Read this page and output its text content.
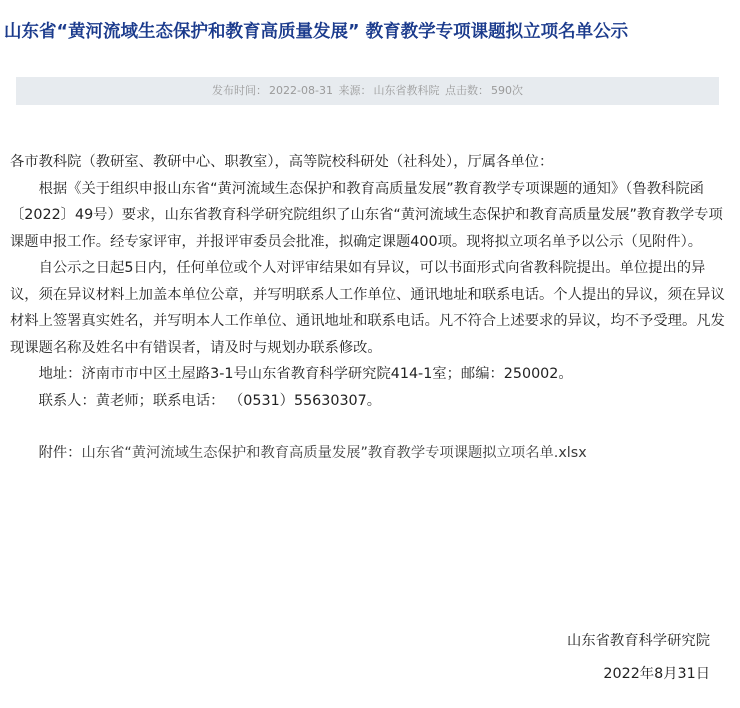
山东省“黄河流域生态保护和教育高质量发展” 教育教学专项课题拟立项名单公示
发布时间： 2022-08-31 来源： 山东省教科院 点击数： 590次

各市教科院（教研室、教研中心、职教室），高等院校科研处（社科处），厅属各单位：

根据《关于组织申报山东省“黄河流域生态保护和教育高质量发展”教育教学专项课题的通知》（鲁教科院函〔2022〕49号）要求，山东省教育科学研究院组织了山东省“黄河流域生态保护和教育高质量发展”教育教学专项课题申报工作。经专家评审，并报评审委员会批准，拟确定课题400项。现将拟立项名单予以公示（见附件）。

自公示之日起5日内，任何单位或个人对评审结果如有异议，可以书面形式向省教科院提出。单位提出的异议，须在异议材料上加盖本单位公章，并写明联系人工作单位、通讯地址和联系电话。个人提出的异议，须在异议材料上签署真实姓名，并写明本人工作单位、通讯地址和联系电话。凡不符合上述要求的异议，均不予受理。凡发现课题名称及姓名中有错误者，请及时与规划办联系修改。

地址：济南市市中区土屋路3-1号山东省教育科学研究院414-1室；邮编：250002。

联系人：黄老师；联系电话： （0531）55630307。

附件：山东省“黄河流域生态保护和教育高质量发展”教育教学专项课题拟立项名单.xlsx

山东省教育科学研究院
2022年8月31日
